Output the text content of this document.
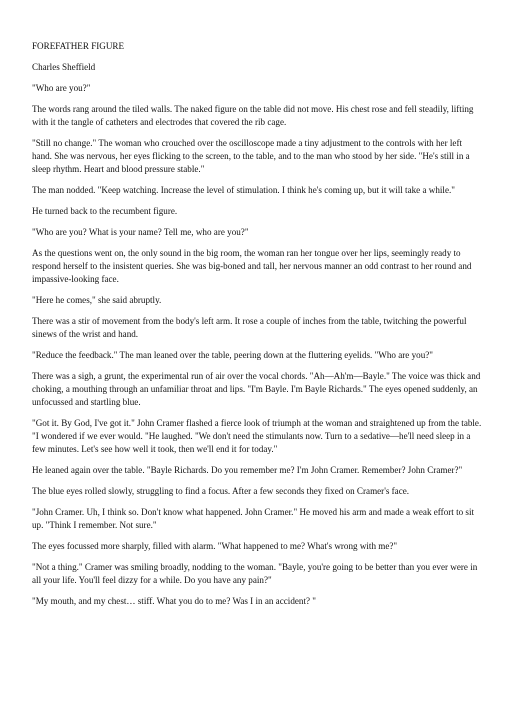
FOREFATHER FIGURE

Charles Sheffield

"Who are you?"

The words rang around the tiled walls. The naked figure on the table did not move. His chest rose and fell steadily, lifting with it the tangle of catheters and electrodes that covered the rib cage.

"Still no change." The woman who crouched over the oscilloscope made a tiny adjustment to the controls with her left hand. She was nervous, her eyes flicking to the screen, to the table, and to the man who stood by her side. "He's still in a sleep rhythm. Heart and blood pressure stable."

The man nodded. "Keep watching. Increase the level of stimulation. I think he's coming up, but it will take a while."

He turned back to the recumbent figure.

"Who are you? What is your name? Tell me, who are you?"

As the questions went on, the only sound in the big room, the woman ran her tongue over her lips, seemingly ready to respond herself to the insistent queries. She was big-boned and tall, her nervous manner an odd contrast to her round and impassive-looking face.

"Here he comes," she said abruptly.

There was a stir of movement from the body's left arm. It rose a couple of inches from the table, twitching the powerful sinews of the wrist and hand.

"Reduce the feedback." The man leaned over the table, peering down at the fluttering eyelids. "Who are you?"

There was a sigh, a grunt, the experimental run of air over the vocal chords. "Ah—Ah'm—Bayle." The voice was thick and choking, a mouthing through an unfamiliar throat and lips. "I'm Bayle. I'm Bayle Richards." The eyes opened suddenly, an unfocussed and startling blue.

"Got it. By God, I've got it." John Cramer flashed a fierce look of triumph at the woman and straightened up from the table. "I wondered if we ever would. "He laughed. "We don't need the stimulants now. Turn to a sedative—he'll need sleep in a few minutes. Let's see how well it took, then we'll end it for today."

He leaned again over the table. "Bayle Richards. Do you remember me? I'm John Cramer. Remember? John Cramer?"

The blue eyes rolled slowly, struggling to find a focus. After a few seconds they fixed on Cramer's face.

"John Cramer. Uh, I think so. Don't know what happened. John Cramer." He moved his arm and made a weak effort to sit up. "Think I remember. Not sure."

The eyes focussed more sharply, filled with alarm. "What happened to me? What's wrong with me?"

"Not a thing." Cramer was smiling broadly, nodding to the woman. "Bayle, you're going to be better than you ever were in all your life. You'll feel dizzy for a while. Do you have any pain?"

"My mouth, and my chest… stiff. What you do to me? Was I in an accident? "
